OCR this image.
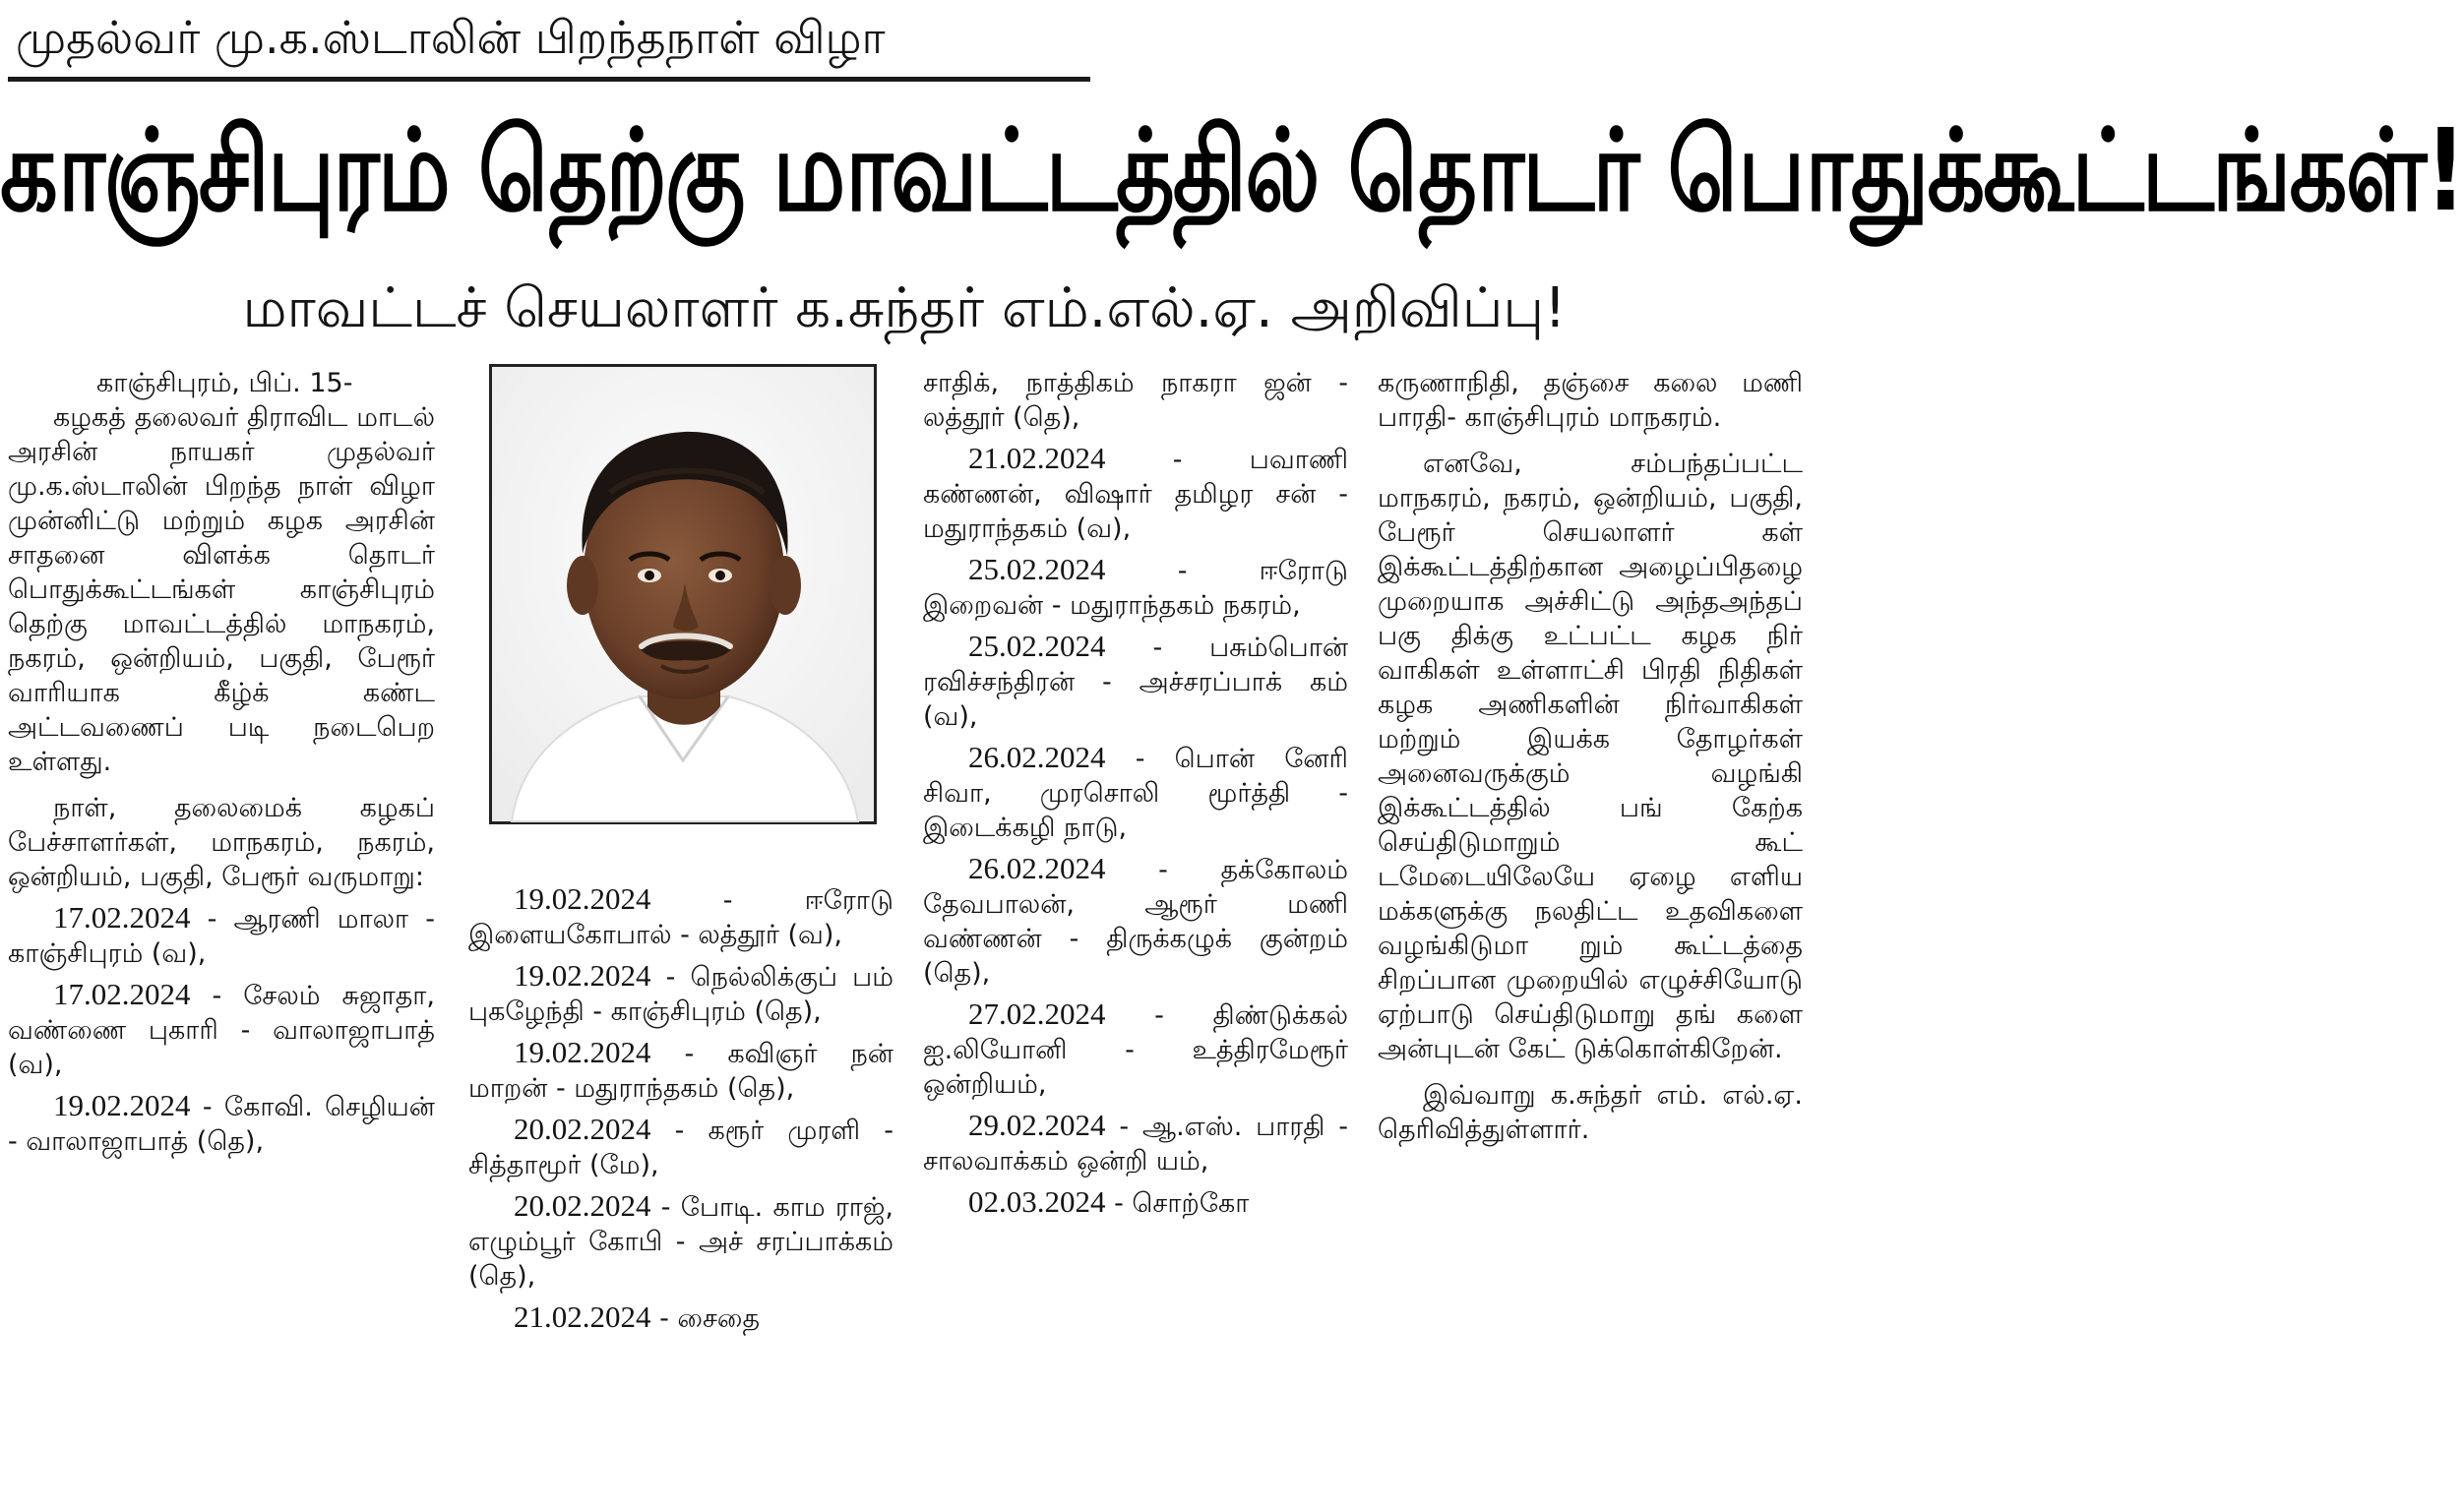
முதல்வர் மு.க.ஸ்டாலின் பிறந்தநாள் விழா
காஞ்சிபுரம் தெற்கு மாவட்டத்தில் தொடர் பொதுக்கூட்டங்கள்!
மாவட்டச் செயலாளர் க.சுந்தர் எம்.எல்.ஏ. அறிவிப்பு!

காஞ்சிபுரம், பிப். 15-

கழகத் தலைவர் திராவிட மாடல் அரசின் நாயகர் முதல்வர் மு.க.ஸ்டாலின் பிறந்த நாள் விழா முன்னிட்டு மற்றும் கழக அரசின் சாதனை விளக்க தொடர் பொதுக்கூட்டங்கள் காஞ்சிபுரம் தெற்கு மாவட்டத்தில் மாநகரம், நகரம், ஒன்றியம், பகுதி, பேரூர் வாரியாக கீழ்க் கண்ட அட்டவணைப் படி நடைபெற உள்ளது.

நாள், தலைமைக் கழகப் பேச்சாளர்கள், மாநகரம், நகரம், ஒன்றியம், பகுதி, பேரூர் வருமாறு:

17.02.2024 - ஆரணி மாலா - காஞ்சிபுரம் (வ),

17.02.2024 - சேலம் சுஜாதா, வண்ணை புகாரி - வாலாஜாபாத் (வ),

19.02.2024 - கோவி. செழியன் - வாலாஜாபாத் (தெ),

19.02.2024	- ஈரோடு இளையகோபால் - லத்தூர் (வ),

19.02.2024 - நெல்லிக்குப் பம் புகழேந்தி - காஞ்சிபுரம் (தெ),

19.02.2024 - கவிஞர் நன் மாறன் - மதுராந்தகம் (தெ),

20.02.2024 - கரூர் முரளி - சித்தாமூர் (மே),

20.02.2024 - போடி. காம ராஜ், எழும்பூர் கோபி - அச் சரப்பாக்கம் (தெ),

21.02.2024 - சைதை

சாதிக், நாத்திகம் நாகரா ஜன் - லத்தூர் (தெ),

21.02.2024	- பவாணி கண்ணன், விஷார் தமிழர சன் - மதுராந்தகம் (வ),

25.02.2024	- ஈரோடு இறைவன் - மதுராந்தகம் நகரம்,

25.02.2024 - பசும்பொன் ரவிச்சந்திரன் - அச்சரப்பாக் கம் (வ),

26.02.2024 - பொன் னேரி சிவா, முரசொலி மூர்த்தி - இடைக்கழி நாடு,

26.02.2024 - தக்கோலம் தேவபாலன், ஆரூர் மணி வண்ணன் - திருக்கழுக் குன்றம் (தெ),

27.02.2024 - திண்டுக்கல் ஐ.லியோனி - உத்திரமேரூர் ஒன்றியம்,

29.02.2024 - ஆ.எஸ். பாரதி - சாலவாக்கம் ஒன்றி யம்,

02.03.2024 - சொற்கோ

கருணாநிதி, தஞ்சை கலை மணி பாரதி- காஞ்சிபுரம் மாநகரம்.

எனவே, சம்பந்தப்பட்ட மாநகரம், நகரம், ஒன்றியம், பகுதி, பேரூர் செயலாளர் கள் இக்கூட்டத்திற்கான அழைப்பிதழை முறையாக அச்சிட்டு அந்தஅந்தப் பகு திக்கு உட்பட்ட கழக நிர் வாகிகள் உள்ளாட்சி பிரதி நிதிகள் கழக அணிகளின் நிர்வாகிகள் மற்றும் இயக்க தோழர்கள் அனைவருக்கும் வழங்கி இக்கூட்டத்தில் பங் கேற்க செய்திடுமாறும் கூட் டமேடையிலேயே ஏழை எளிய மக்களுக்கு நலதிட்ட உதவிகளை வழங்கிடுமா றும் கூட்டத்தை சிறப்பான முறையில் எழுச்சியோடு ஏற்பாடு செய்திடுமாறு தங் களை அன்புடன் கேட் டுக்கொள்கிறேன்.

இவ்வாறு க.சுந்தர் எம். எல்.ஏ. தெரிவித்துள்ளார்.
